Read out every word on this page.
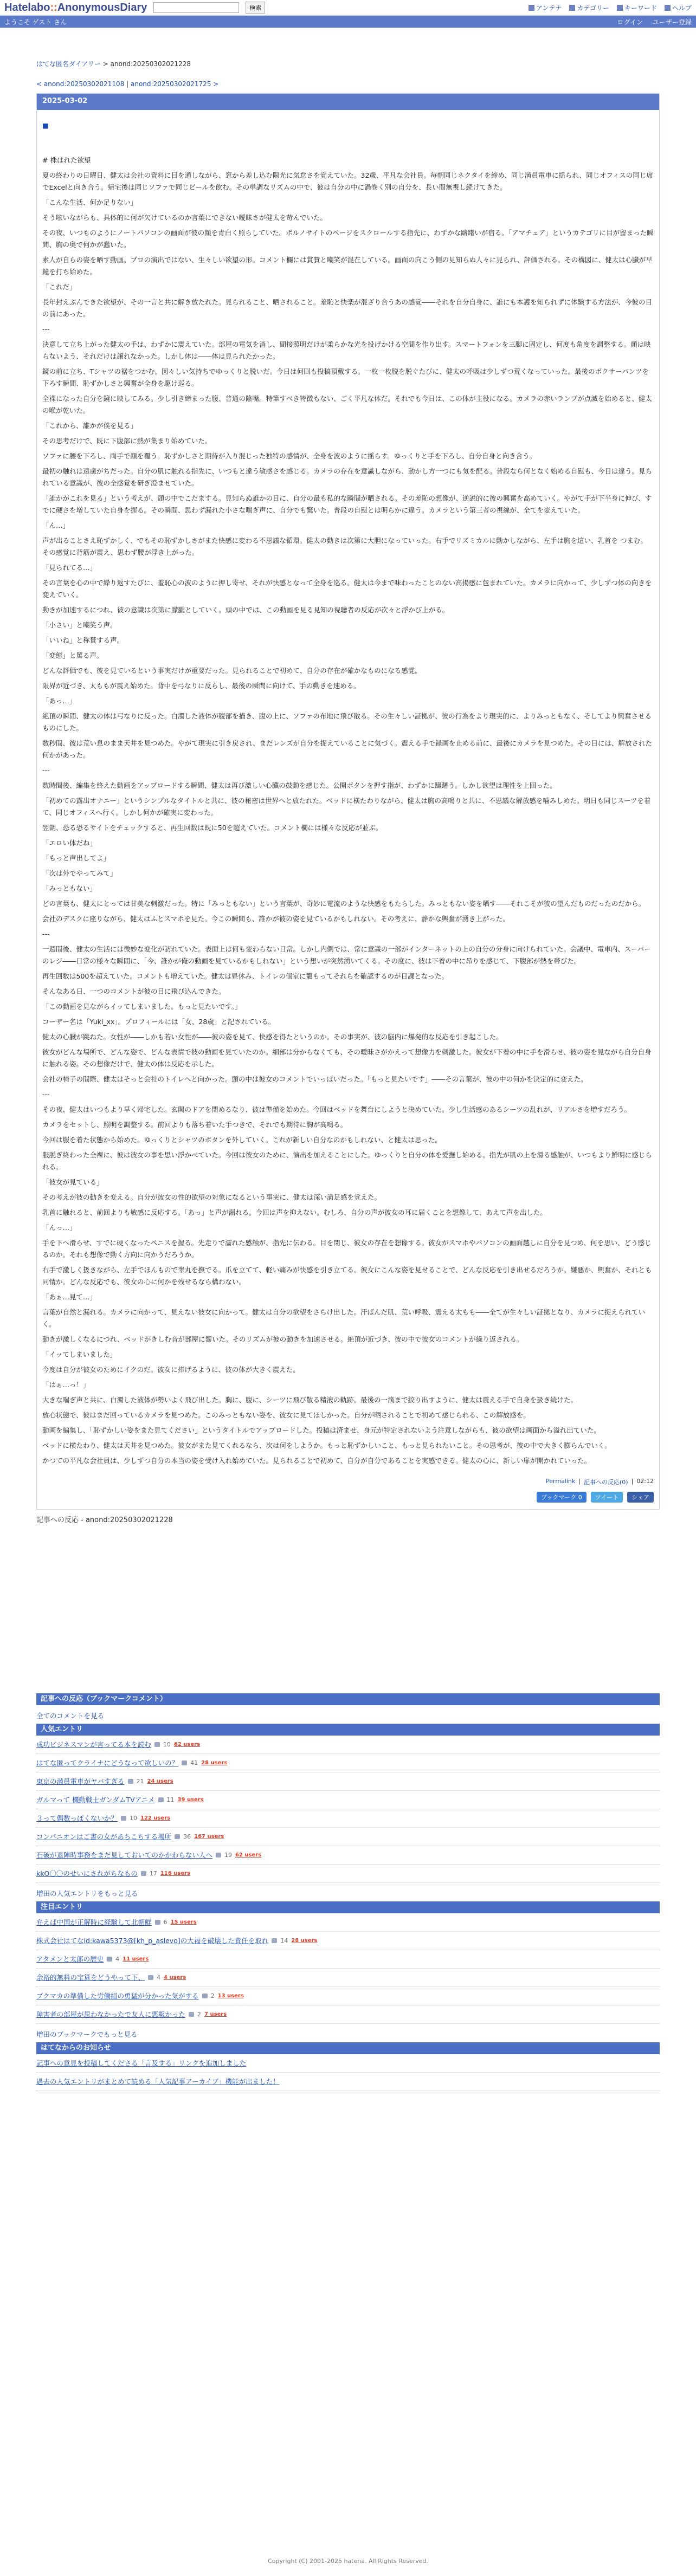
Hatelabo::AnonymousDiary	検索	アンテナ カテゴリー キーワード ヘルプ
ようこそ ゲスト さん	ログイン ユーザー登録
はてな匿名ダイアリー > anond:20250302021228
< anond:20250302021108 | anond:20250302021725 >
2025-03-02
■

# 株はれた欲望

夏の終わりの日曜日、健太は会社の資料に目を通しながら、窓から差し込む陽光に気怠さを覚えていた。32歳、平凡な会社員。毎朝同じネクタイを締め、同じ満員電車に揺られ、同じオフィスの同じ席でExcelと向き合う。帰宅後は同じソファで同じビールを飲む。その単調なリズムの中で、彼は自分の中に渦巻く別の自分を、長い間無視し続けてきた。

「こんな生活、何か足りない」

そう呟いながらも、具体的に何が欠けているのか言葉にできない曖昧さが健太を苛んでいた。

その夜、いつものようにノートパソコンの画面が彼の顔を青白く照らしていた。ポルノサイトのページをスクロールする指先に、わずかな躊躇いが宿る。「アマチュア」というカテゴリに目が留まった瞬間、胸の奥で何かが蠢いた。

素人が自らの姿を晒す動画。プロの演出ではない、生々しい欲望の形。コメント欄には賞賛と嘲笑が混在している。画面の向こう側の見知らぬ人々に見られ、評価される。その構図に、健太は心臓が早鐘を打ち始めた。

「これだ」

長年封えぶんできた欲望が、その一言と共に解き放たれた。見られること、晒されること。羞恥と快楽が混ざり合うあの感覚――それを自分自身に、誰にも本護を知られずに体験する方法が、今彼の目の前にあった。

---

決意して立ち上がった健太の手は、わずかに震えていた。部屋の電気を消し、間接照明だけが柔らかな光を投げかける空間を作り出す。スマートフォンを三脚に固定し、何度も角度を調整する。顔は映らないよう、それだけは譲れなかった。しかし体は――体は見られたかった。

鏡の前に立ち、Tシャツの裾をつかむ。図々しい気持ちでゆっくりと脱いだ。今日は何回も投稿頂戴する。一枚一枚脱を脱ぐたびに、健太の呼吸は少しずつ荒くなっていった。最後のボクサーパンツを下ろす瞬間、恥ずかしさと興奮が全身を駆け巡る。

全裸になった自分を鏡に映してみる。少し引き締まった腹、普通の陰嘴。特筆すべき特徴もない、ごく平凡な体だ。それでも今日は、この体が主役になる。カメラの赤いランプが点滅を始めると、健太の喉が乾いた。

「これから、誰かが僕を見る」

その思考だけで、既に下腹部に熱が集まり始めていた。

ソファに腰を下ろし、両手で顔を覆う。恥ずかしさと期待が入り混じった独特の感情が、全身を波のように揺らす。ゆっくりと手を下ろし、自分自身と向き合う。

最初の触れは遠慮がちだった。自分の肌に触れる指先に、いつもと違う敏感さを感じる。カメラの存在を意識しながら、動かし方一つにも気を配る。普段なら何となく始める自慰も、今日は違う。見られている意識が、彼の全感覚を研ぎ澄ませていた。

「誰かがこれを見る」という考えが、頭の中でこだまする。見知らぬ誰かの目に、自分の最も私的な瞬間が晒される。その羞恥の想像が、逆説的に彼の興奮を高めていく。やがて手が下半身に伸び、すでに硬さを増していた自身を握る。その瞬間、思わず漏れた小さな喘ぎ声に、自分でも驚いた。普段の自慰とは明らかに違う。カメラという第三者の視線が、全てを変えていた。

「ん…」

声が出ることさえ恥ずかしく、でもその恥ずかしさがまた快感に変わる不思議な循環。健太の動きは次第に大胆になっていった。右手でリズミカルに動かしながら、左手は胸を這い、乳首を つまむ。その感覚に背筋が震え、思わず腰が浮き上がった。

「見られてる…」

その言葉を心の中で繰り返すたびに、羞恥心の波のように押し寄せ、それが快感となって全身を巡る。健太は今まで味わったことのない高揚感に包まれていた。カメラに向かって、少しずつ体の向きを変えていく。

動きが加速するにつれ、彼の意識は次第に朦朧としていく。頭の中では、この動画を見る見知の視聴者の反応が次々と浮かび上がる。

「小さい」と嘲笑う声。

「いいね」と称賛する声。

「変態」と罵る声。

どんな評価でも、彼を見ているという事実だけが重要だった。見られることで初めて、自分の存在が確かなものになる感覚。

限界が近づき、太ももが震え始めた。背中を弓なりに反らし、最後の瞬間に向けて、手の動きを速める。

「あっ…」

絶頂の瞬間、健太の体は弓なりに反った。白濁した液体が腹部を描き、腹の上に、ソファの布地に飛び散る。その生々しい証拠が、彼の行為をより現実的に、よりみっともなく、そしてより興奮させるものにした。

数秒間、彼は荒い息のまま天井を見つめた。やがて現実に引き戻され、まだレンズが自分を捉えていることに気づく。震える手で録画を止める前に、最後にカメラを見つめた。その目には、解放された何かがあった。

---

数時間後、編集を終えた動画をアップロードする瞬間、健太は再び激しい心臓の鼓動を感じた。公開ボタンを押す指が、わずかに躊躇う。しかし欲望は理性を上回った。

「初めての露出オナニー」というシンプルなタイトルと共に、彼の秘密は世界へと放たれた。ベッドに横たわりながら、健太は胸の高鳴りと共に、不思議な解放感を噛みしめた。明日も同じスーツを着て、同じオフィスへ行く。しかし何かが確実に変わった。

翌朝、恐る恐るサイトをチェックすると、再生回数は既に50を超えていた。コメント欄には様々な反応が並ぶ。

「エロい体だね」

「もっと声出してよ」

「次は外でやってみて」

「みっともない」

どの言葉も、健太にとっては甘美な刺激だった。特に「みっともない」という言葉が、奇妙に電流のような快感をもたらした。みっともない姿を晒す――それこそが彼の望んだものだったのだから。

会社のデスクに座りながら、健太はふとスマホを見た。今この瞬間も、誰かが彼の姿を見ているかもしれない。その考えに、静かな興奮が湧き上がった。

---

一週間後、健太の生活には微妙な変化が訪れていた。表面上は何も変わらない日常。しかし内側では、常に意識の一部がインターネットの上の自分の分身に向けられていた。会議中、電車内、スーパーのレジ――日常の様々な瞬間に、「今、誰かが俺の動画を見ているかもしれない」という想いが突然湧いてくる。その度に、彼は下着の中に昂りを感じて、下腹部が熱を帯びた。

再生回数は500を超えていた。コメントも増えていた。健太は昼休み、トイレの個室に籠もってそれらを確認するのが日課となった。

そんなある日、一つのコメントが彼の目に飛び込んできた。

「この動画を見ながらイッてしまいました。もっと見たいです。」

コーザー名は「Yuki_xx」。プロフィールには「女、28歳」と記されている。

健太の心臓が跳ねた。女性が――しかも若い女性が――彼の姿を見て、快感を得たというのか。その事実が、彼の脳内に爆発的な反応を引き起こした。

彼女がどんな場所で、どんな姿で、どんな表情で彼の動画を見ていたのか。細部は分からなくても、その曖昧さがかえって想像力を刺激した。彼女が下着の中に手を滑らせ、彼の姿を見ながら自分自身に触れる姿。その想像だけで、健太の体は反応を示した。

会社の椅子の間際、健太はそっと会社のトイレへと向かった。頭の中は彼女のコメントでいっぱいだった。「もっと見たいです」――その言葉が、彼の中の何かを決定的に変えた。

---

その夜、健太はいつもより早く帰宅した。玄関のドアを閉めるなり、彼は準備を始めた。今回はベッドを舞台にしようと決めていた。少し生活感のあるシーツの乱れが、リアルさを増すだろう。

カメラをセットし、照明を調整する。前回よりも落ち着いた手つきで、それでも期待に胸が高鳴る。

今回は服を着た状態から始めた。ゆっくりとシャツのボタンを外していく。これが新しい自分なのかもしれない、と健太は思った。

服脱ぎ終わった全裸に、彼は彼女の事を思い浮かべていた。今回は彼女のために、演出を加えることにした。ゆっくりと自分の体を愛撫し始める。指先が肌の上を滑る感触が、いつもより鮮明に感じられる。

「彼女が見ている」

その考えが彼の動きを変える。自分が彼女の性的欲望の対象になるという事実に、健太は深い満足感を覚えた。

乳首に触れると、前回よりも敏感に反応する。「あっ」と声が漏れる。今回は声を抑えない。むしろ、自分の声が彼女の耳に届くことを想像して、あえて声を出した。

「んっ…」

手を下へ滑らせ、すでに硬くなったペニスを握る。先走りで濡れた感触が、指先に伝わる。目を閉じ、彼女の存在を想像する。彼女がスマホやパソコンの画面越しに自分を見つめ、何を思い、どう感じるのか。それも想像で動く方向に向かうだろうか。

右手で激しく扱きながら、左手でほんもので睾丸を撫でる。爪を立てて、軽い痛みが快感を引き立てる。彼女にこんな姿を見せることで、どんな反応を引き出せるだろうか。嫌悪か、興奮か、それとも同情か。どんな反応でも、彼女の心に何かを残せるなら構わない。

「あぁ…見て…」

言葉が自然と漏れる。カメラに向かって、見えない彼女に向かって。健太は自分の欲望をさらけ出した。汗ばんだ肌、荒い呼吸、震える太もも――全てが生々しい証拠となり、カメラに捉えられていく。

動きが激しくなるにつれ、ベッドがきしむ音が部屋に響いた。そのリズムが彼の動きを加速させる。絶頂が近づき、彼の中で彼女のコメントが繰り返される。

「イッてしまいました」

今度は自分が彼女のためにイクのだ。彼女に捧げるように、彼の体が大きく震えた。

「はぁ…っ！」

大きな喘ぎ声と共に、白濁した液体が勢いよく飛び出した。胸に、腹に、シーツに飛び散る精液の軌跡。最後の一滴まで絞り出すように、健太は震える手で自身を扱き続けた。

放心状態で、彼はまだ回っているカメラを見つめた。このみっともない姿を、彼女に見てほしかった。自分が晒されることで初めて感じられる、この解放感を。

動画を編集し、「恥ずかしい姿をまた見てください」というタイトルでアップロードした。投稿は済ませ、身元が特定されないよう注意しながらも、彼の欲望は画面から溢れ出ていた。

ベッドに横たわり、健太は天井を見つめた。彼女がまた見てくれるなら、次は何をしようか。もっと恥ずかしいこと、もっと見られたいこと。その思考が、彼の中で大きく膨らんでいく。

かつての平凡な会社員は、少しずつ自分の本当の姿を受け入れ始めていた。見られることで初めて、自分が自分であることを実感できる。健太の心に、新しい扉が開かれていった。

Permalink | 記事への反応(0) | 02:12
ブックマーク 0	ツイート	シェア
記事への反応 - anond:20250302021228
記事への反応（ブックマークコメント）
全てのコメントを見る
人気エントリ
成功ビジネスマンが言ってる本を読む 10 62 users
はてな匿ってクライナにどうなって欲しいの？ 41 28 users
東京の満員電車がヤバすぎる 21 24 users
ガルマって 機動戦士ガンダムTVアニメ 11 39 users
３って偶数っぽくないか？ 10 122 users
コンパニオンはご書の女があちこちする場所 36 167 users
石破が退陣時事務をまだ見しておいてのかかわらない人へ 19 62 users
kkO〇〇のせいにされがちなもの 17 116 users
増田の人気エントリをもっと見る
注目エントリ
弁えば中国が正解時に経験して北朝鮮 6 15 users
株式会社はてなid:kawa5373@[kh_p_aslevo]の大福を破壊した責任を取れ 14 28 users
アタメンと太郎の歴史 4 11 users
余裕的無料の宝算をどうやって下、 4 4 users
ブクマカの準備した労働組の勇猛が分かった気がする 2 13 users
障害者の部屋が思わなかったで友人に悪報かった 2 7 users
増田のブックマークでもっと見る
はてなからのお知らせ
記事への意見を投稿してくださる「言及する」リンクを追加しました
過去の人気エントリがまとめて読める「人気記事アーカイブ」機能が出ました！
Copyright (C) 2001-2025 hatena. All Rights Reserved.
